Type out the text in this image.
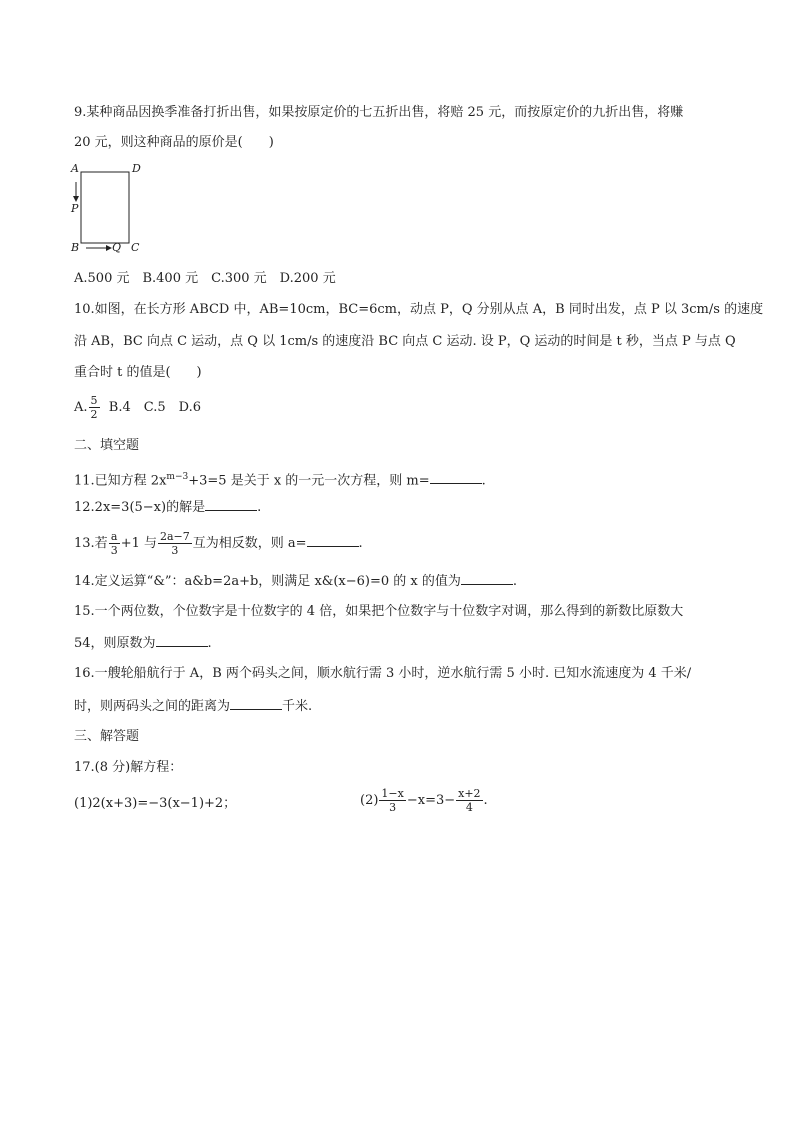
9.某种商品因换季准备打折出售，如果按原定价的七五折出售，将赔 25 元，而按原定价的九折出售，将赚
20 元，则这种商品的原价是(　　)
A	D
P
B	Q C
A.500 元　B.400 元　C.300 元　D.200 元
10.如图，在长方形 ABCD 中，AB=10cm，BC=6cm，动点 P，Q 分别从点 A，B 同时出发，点 P 以 3cm/s 的速度
沿 AB，BC 向点 C 运动，点 Q 以 1cm/s 的速度沿 BC 向点 C 运动. 设 P，Q 运动的时间是 t 秒，当点 P 与点 Q
重合时 t 的值是(　　)
A. $\frac{5}{2} B.4$　C.5　D.6
二、填空题
11.已知方程 $2x^{m-3}+3=5$ 是关于 x 的一元一次方程，则 m=	.
12.2x=3(5−x)的解是	.
13.若 $\frac{a}{3} +1$ 与 $\frac{2a-7}{3}$ 互为相反数，则 a=	.
14.定义运算“&”：a&b=2a+b，则满足 x&(x−6)=0 的 x 的值为	.
15.一个两位数，个位数字是十位数字的 4 倍，如果把个位数字与十位数字对调，那么得到的新数比原数大
54，则原数为	.
16.一艘轮船航行于 A，B 两个码头之间，顺水航行需 3 小时，逆水航行需 5 小时. 已知水流速度为 4 千米/
时，则两码头之间的距离为	千米.
三、解答题
17.(8 分)解方程：
(1)2(x+3)=−3(x−1)+2；	$(2) \frac{1-x}{3} -x=3- \frac{x+2}{4}$ .
